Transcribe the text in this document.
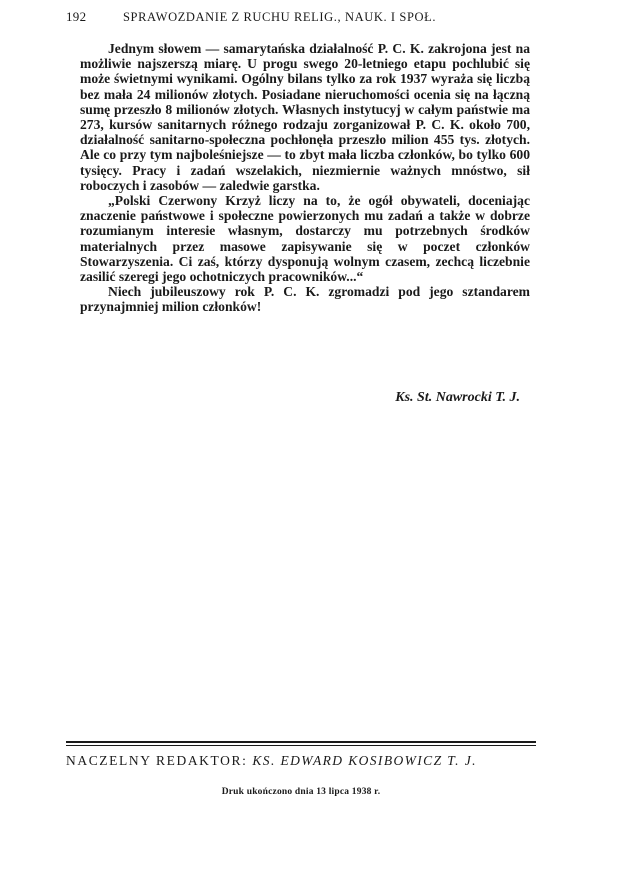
192	SPRAWOZDANIE Z RUCHU RELIG., NAUK. I SPOŁ.

Jednym słowem — samarytańska działalność P. C. K. zakrojona jest na możliwie najszerszą miarę. U progu swego 20-letniego etapu pochlubić się może świetnymi wynikami. Ogólny bilans tylko za rok 1937 wyraża się liczbą bez mała 24 milionów złotych. Posiadane nieruchomości ocenia się na łączną sumę przeszło 8 milionów złotych. Własnych instytucyj w całym państwie ma 273, kursów sanitarnych różnego rodzaju zorganizował P. C. K. około 700, działalność sanitarno-społeczna pochłonęła przeszło milion 455 tys. złotych. Ale co przy tym najboleśniejsze — to zbyt mała liczba członków, bo tylko 600 tysięcy. Pracy i zadań wszelakich, niezmiernie ważnych mnóstwo, sił roboczych i zasobów — zaledwie garstka.

„Polski Czerwony Krzyż liczy na to, że ogół obywateli, doceniając znaczenie państwowe i społeczne powierzonych mu zadań a także w dobrze rozumianym interesie własnym, dostarczy mu potrzebnych środków materialnych przez masowe zapisywanie się w poczet członków Stowarzyszenia. Ci zaś, którzy dysponują wolnym czasem, zechcą liczebnie zasilić szeregi jego ochotniczych pracowników...“

Niech jubileuszowy rok P. C. K. zgromadzi pod jego sztandarem przynajmniej milion członków!

Ks. St. Nawrocki T. J.
NACZELNY REDAKTOR: KS. EDWARD KOSIBOWICZ T. J.
Druk ukończono dnia 13 lipca 1938 r.
